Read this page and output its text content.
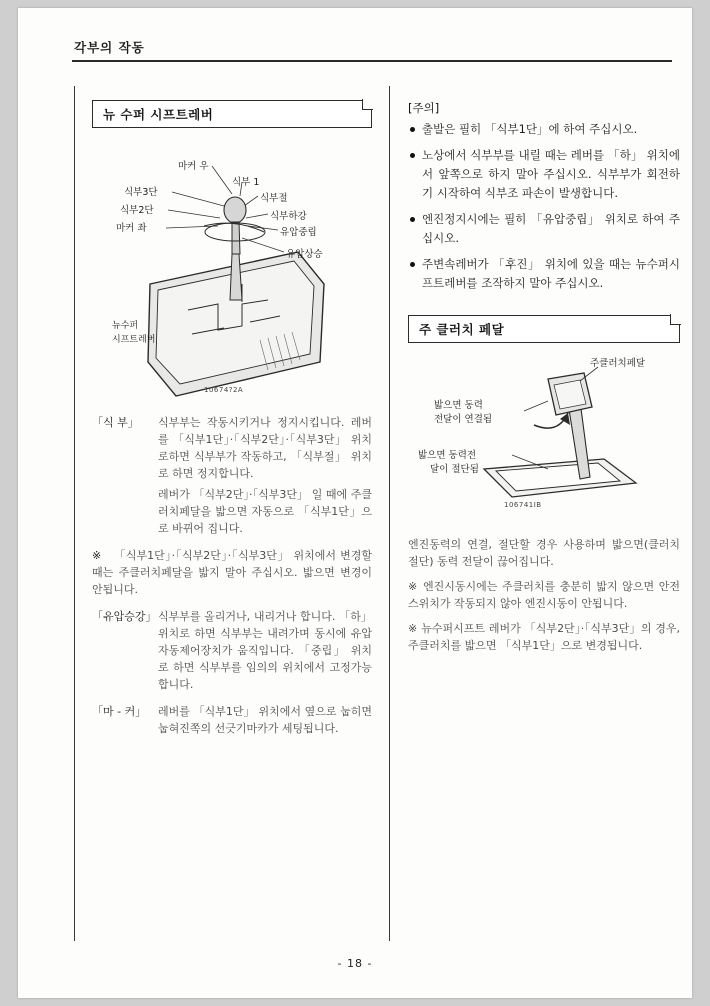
각부의 작동
뉴 수퍼 시프트레버
마커 우
식부 1
식부3단
식부절
식부2단
식부하강
마커 좌	유압중립
유압상승
뉴수퍼
시프트레버
10674?2A
「식 부」	식부부는 작동시키거나 정지시킵니다. 레버를 「식부1단」·「식부2단」·「식부3단」 위치로하면 식부부가 작동하고, 「식부절」 위치로 하면 정지합니다.
레버가 「식부2단」·「식부3단」 일 때에 주클러치페달을 밟으면 자동으로 「식부1단」으로 바뀌어 집니다.
※ 「식부1단」·「식부2단」·「식부3단」 위치에서 변경할때는 주클러치페달을 밟지 말아 주십시오. 밟으면 변경이 안됩니다.
「유압승강」 식부부를 올리거나, 내리거나 합니다. 「하」 위치로 하면 식부부는 내려가며 동시에 유압자동제어장치가 움직입니다. 「중립」 위치로 하면 식부부를 임의의 위치에서 고정가능합니다.
「마 - 커」	레버를 「식부1단」 위치에서 옆으로 눕히면 눕혀진쪽의 선긋기마카가 세팅됩니다.
[주의]
출발은 필히 「식부1단」에 하여 주십시오.
노상에서 식부부를 내릴 때는 레버를 「하」 위치에서 앞쪽으로 하지 말아 주십시오. 식부부가 회전하기 시작하여 식부조 파손이 발생합니다.
엔진정지시에는 필히 「유압중립」 위치로 하여 주십시오.
주변속레버가 「후진」 위치에 있을 때는 뉴수퍼시프트레버를 조작하지 말아 주십시오.
주 클러치 페달
주클러치페달
밟으면 동력
전달이 연결됨
밟으면 동력전
달이 절단됨
106741IB
엔진동력의 연결, 절단할 경우 사용하며 밟으면(클러치 절단) 동력 전달이 끊어집니다.
※ 엔진시동시에는 주클러치를 충분히 밟지 않으면 안전스위치가 작동되지 않아 엔진시동이 안됩니다.
※ 뉴수퍼시프트 레버가 「식부2단」·「식부3단」의 경우, 주클러치를 밟으면 「식부1단」으로 변경됩니다.
- 18 -
